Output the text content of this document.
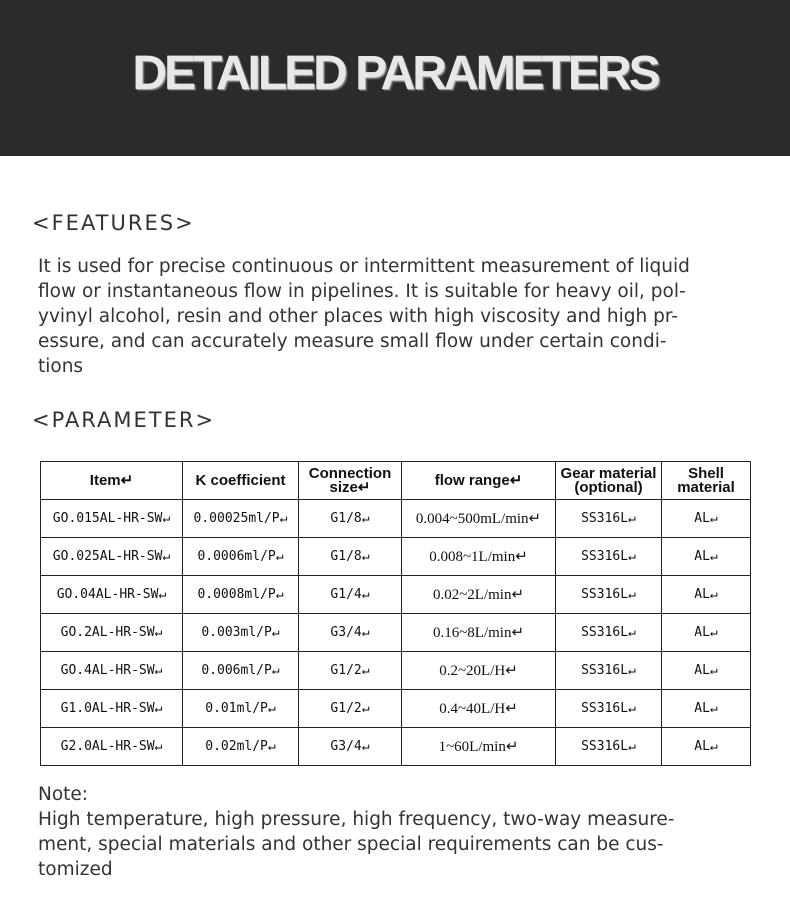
DETAILED PARAMETERS
<FEATURES>

It is used for precise continuous or intermittent measurement of liquid
flow or instantaneous flow in pipelines. It is suitable for heavy oil, pol-
yvinyl alcohol, resin and other places with high viscosity and high pr-
essure, and can accurately measure small flow under certain condi-
tions

<PARAMETER>
Item↵	K coefficient	Connection size↵	flow range↵	Gear material (optional)	Shell material
GO.015AL-HR-SW↵	0.00025ml/P↵	G1/8↵	0.004~500mL/min↵	SS316L↵	AL↵
GO.025AL-HR-SW↵	0.0006ml/P↵	G1/8↵	0.008~1L/min↵	SS316L↵	AL↵
GO.04AL-HR-SW↵	0.0008ml/P↵	G1/4↵	0.02~2L/min↵	SS316L↵	AL↵
GO.2AL-HR-SW↵	0.003ml/P↵	G3/4↵	0.16~8L/min↵	SS316L↵	AL↵
GO.4AL-HR-SW↵	0.006ml/P↵	G1/2↵	0.2~20L/H↵	SS316L↵	AL↵
G1.0AL-HR-SW↵	0.01ml/P↵	G1/2↵	0.4~40L/H↵	SS316L↵	AL↵
G2.0AL-HR-SW↵	0.02ml/P↵	G3/4↵	1~60L/min↵	SS316L↵	AL↵

Note:
High temperature, high pressure, high frequency, two-way measure-
ment, special materials and other special requirements can be cus-
tomized
